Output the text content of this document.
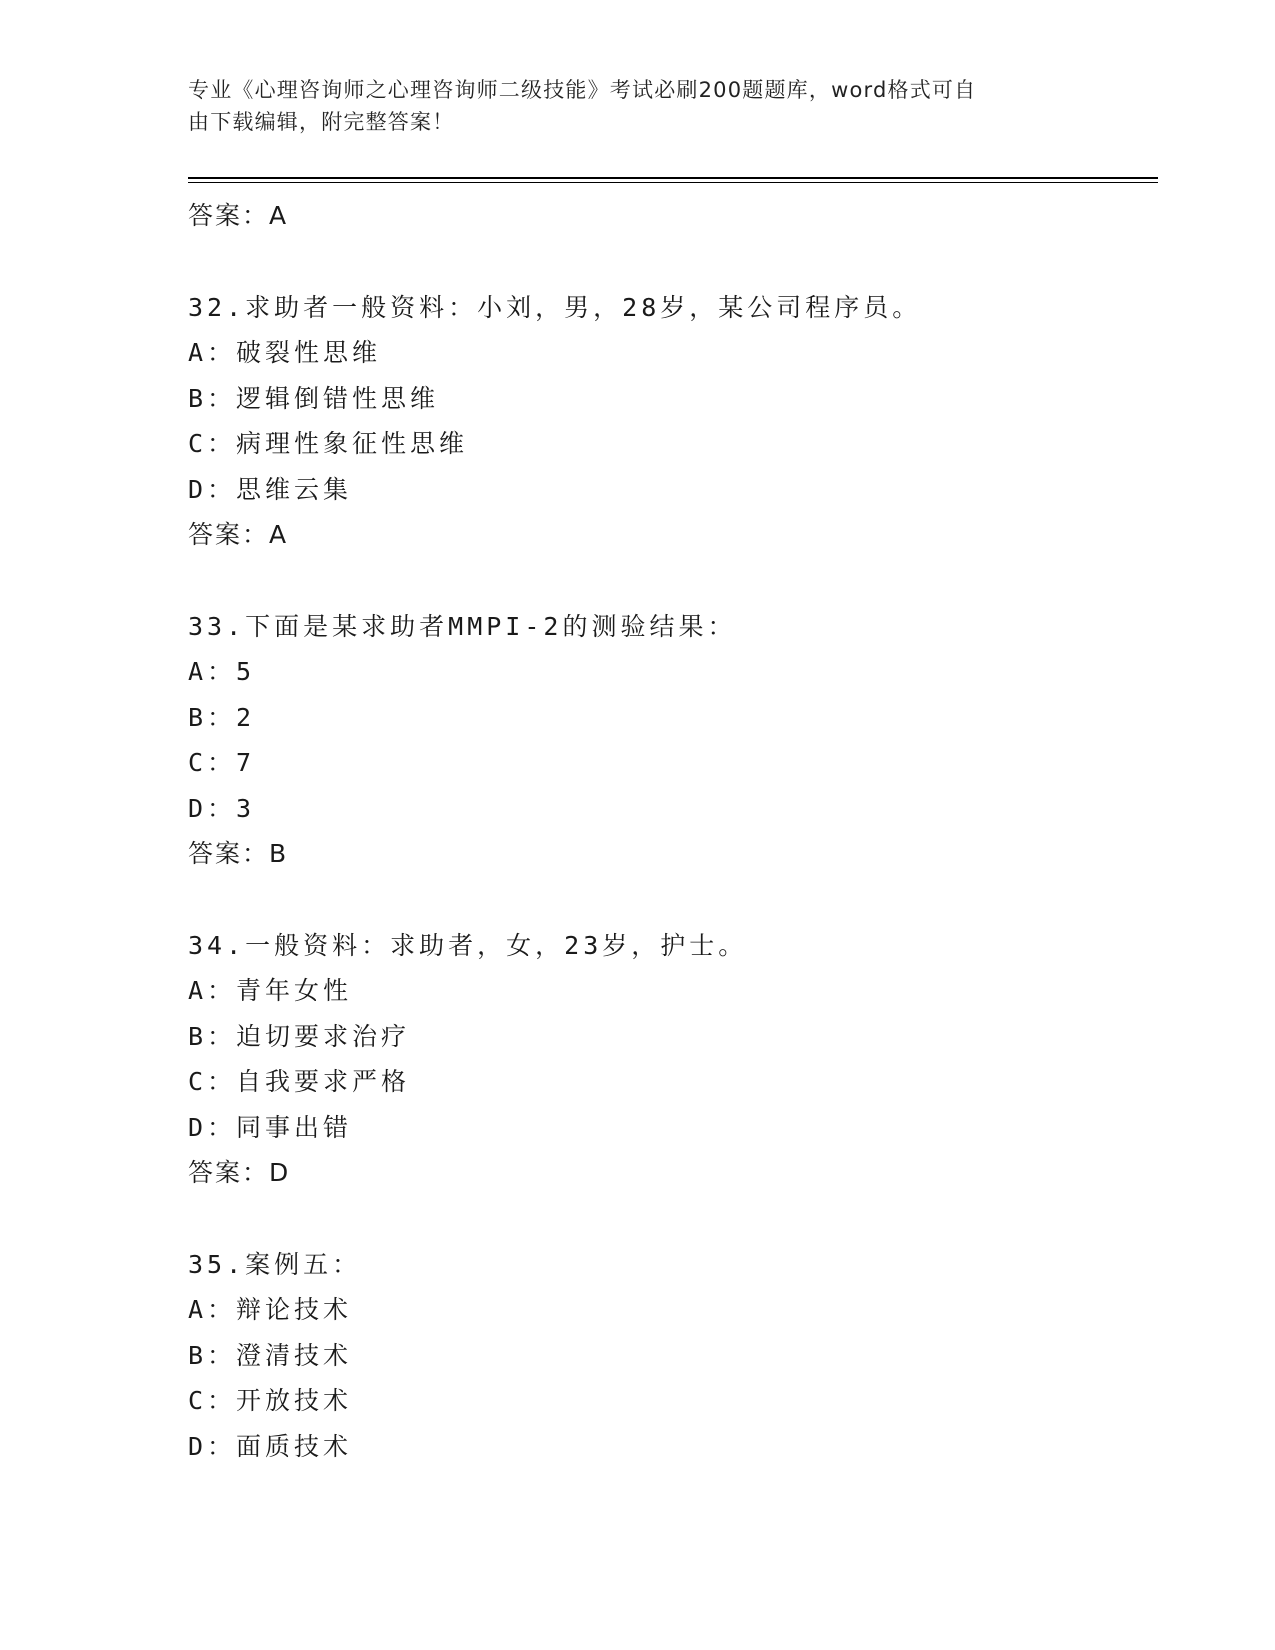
专业《心理咨询师之心理咨询师二级技能》考试必刷200题题库，word格式可自
由下载编辑，附完整答案！
答案：A
32.求助者一般资料：小刘，男，28岁，某公司程序员。
A：破裂性思维
B：逻辑倒错性思维
C：病理性象征性思维
D：思维云集
答案：A
33.下面是某求助者MMPI-2的测验结果：
A：5
B：2
C：7
D：3
答案：B
34.一般资料：求助者，女，23岁，护士。
A：青年女性
B：迫切要求治疗
C：自我要求严格
D：同事出错
答案：D
35.案例五：
A：辩论技术
B：澄清技术
C：开放技术
D：面质技术
